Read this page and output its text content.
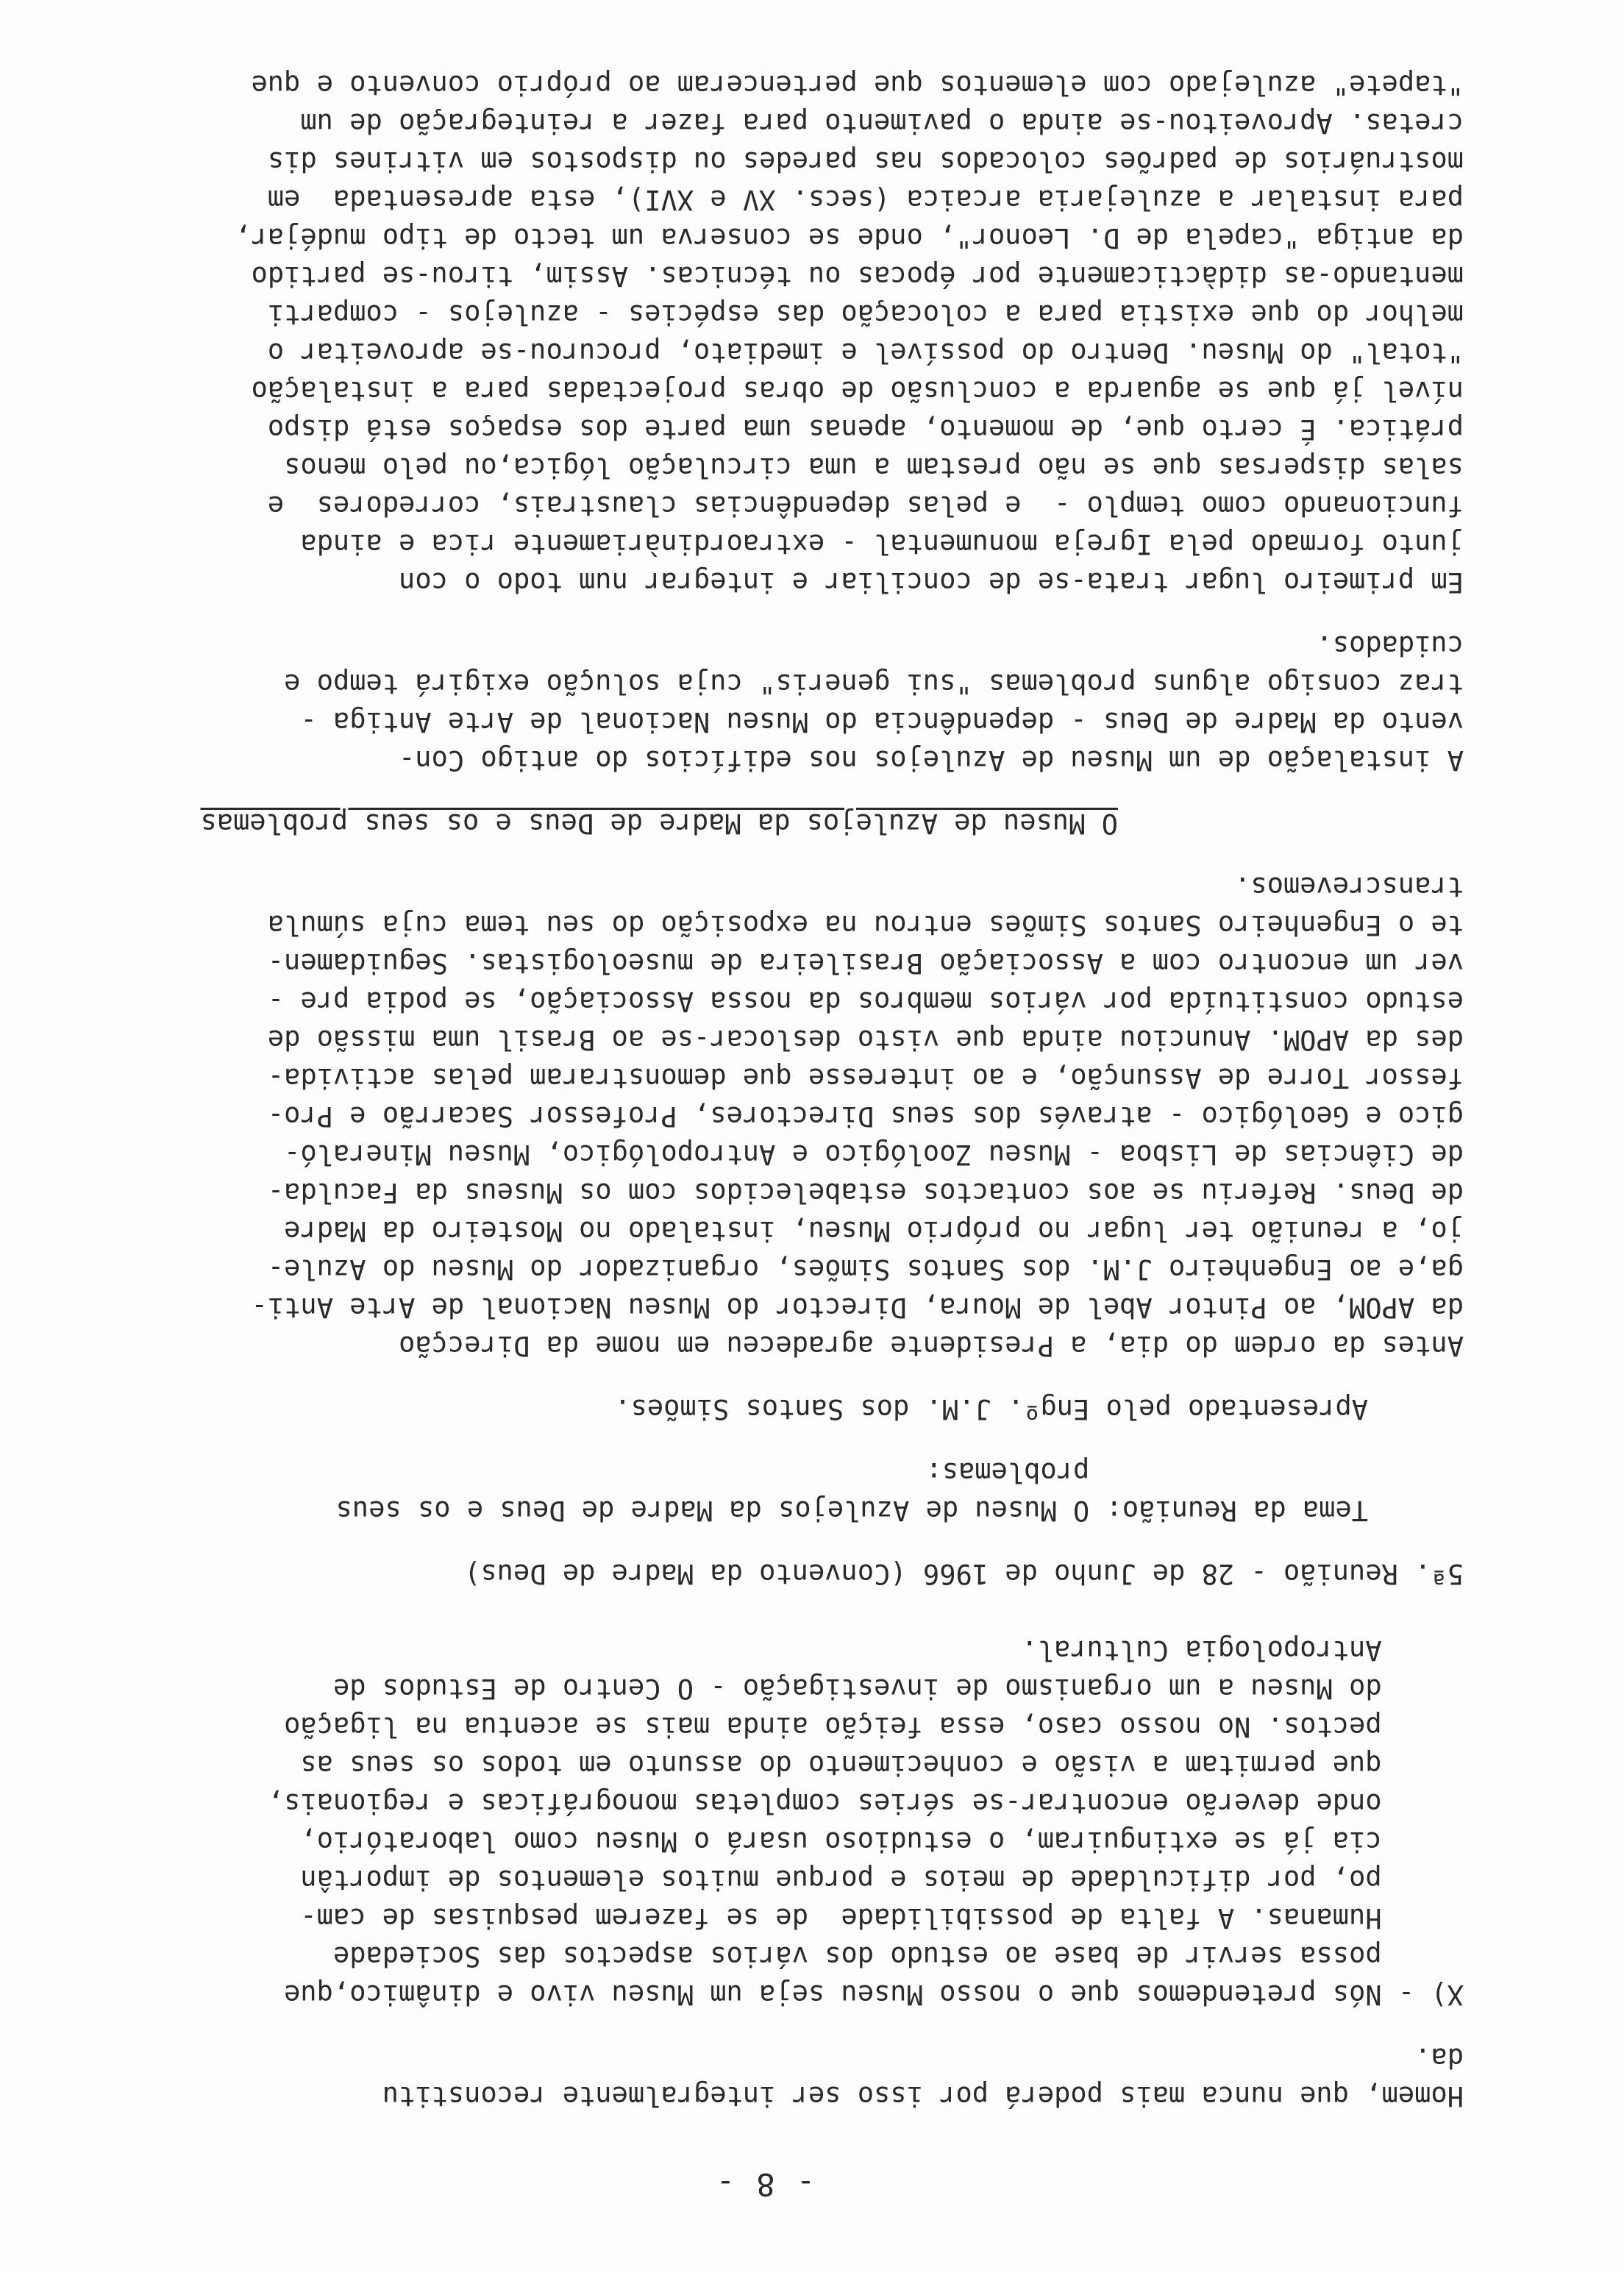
- 8 -

Homem, que nunca mais poderá por isso ser integralmente reconstitu
da.

X) - Nós pretendemos que o nosso Museu seja um Museu vivo e dinâmico,que
possa servir de base ao estudo dos vários aspectos das Sociedade
Humanas. A falta de possibilidade  de se fazerem pesquisas de cam-
po, por dificuldade de meios e porque muitos elementos de importân
cia já se extinguiram, o estudioso usará o Museu como laboratório,
onde deverão encontrar-se séries completas monográficas e regionais,
que permitam a visão e conhecimento do assunto em todos os seus as
pectos. No nosso caso, essa feição ainda mais se acentua na ligação
do Museu a um organismo de investigação - O Centro de Estudos de
Antropologia Cultural.

5ª. Reunião - 28 de Junho de 1966 (Convento da Madre de Deus)

Tema da Reunião: O Museu de Azulejos da Madre de Deus e os seus
problemas:

Apresentado pelo Engº. J.M. dos Santos Simões.

Antes da ordem do dia, a Presidente agradeceu em nome da Direcção
da APOM, ao Pintor Abel de Moura, Director do Museu Nacional de Arte Anti-
ga,e ao Engenheiro J.M. dos Santos Simões, organizador do Museu do Azule-
jo, a reunião ter lugar no próprio Museu, instalado no Mosteiro da Madre
de Deus. Referiu se aos contactos estabelecidos com os Museus da Faculda-
de Ciências de Lisboa - Museu Zoológico e Antropológico, Museu Mineraló-
gico e Geológico - através dos seus Directores, Professor Sacarrão e Pro-
fessor Torre de Assunção, e ao interesse que demonstraram pelas activida-
des da APOM. Anunciou ainda que visto deslocar-se ao Brasil uma missão de
estudo constituída por vários membros da nossa Associação, se podia pre -
ver um encontro com a Associação Brasileira de museologistas. Seguidamen-
te o Engenheiro Santos Simões entrou na exposição do seu tema cuja súmula
transcrevemos.

O Museu de Azulejos da Madre de Deus e os seus problemas

A instalação de um Museu de Azulejos nos edifícios do antigo Con-
vento da Madre de Deus - dependência do Museu Nacional de Arte Antiga -
traz consigo alguns problemas "sui generis" cuja solução exigirá tempo e
cuidados.

Em primeiro lugar trata-se de conciliar e integrar num todo o con
junto formado pela Igreja monumental - extraordinàriamente rica e ainda
funcionando como templo -  e pelas dependências claustrais, corredores  e
salas dispersas que se não prestam a uma circulação lógica,ou pelo menos
prática. É certo que, de momento, apenas uma parte dos espaços está dispo
nível já que se aguarda a conclusão de obras projectadas para a instalação
"total" do Museu. Dentro do possível e imediato, procurou-se aproveitar o
melhor do que existia para a colocação das espécies - azulejos - comparti
mentando-as didàcticamente por épocas ou técnicas. Assim, tirou-se partido
da antiga "capela de D. Leonor", onde se conserva um tecto de tipo mudéjar,
para instalar a azulejaria arcaica (secs. XV e XVI), esta apresentada  em
mostruários de padrões colocados nas paredes ou dispostos em vitrines dis
cretas. Aproveitou-se ainda o pavimento para fazer a reintegração de um
"tapete" azulejado com elementos que pertenceram ao próprio convento e que
